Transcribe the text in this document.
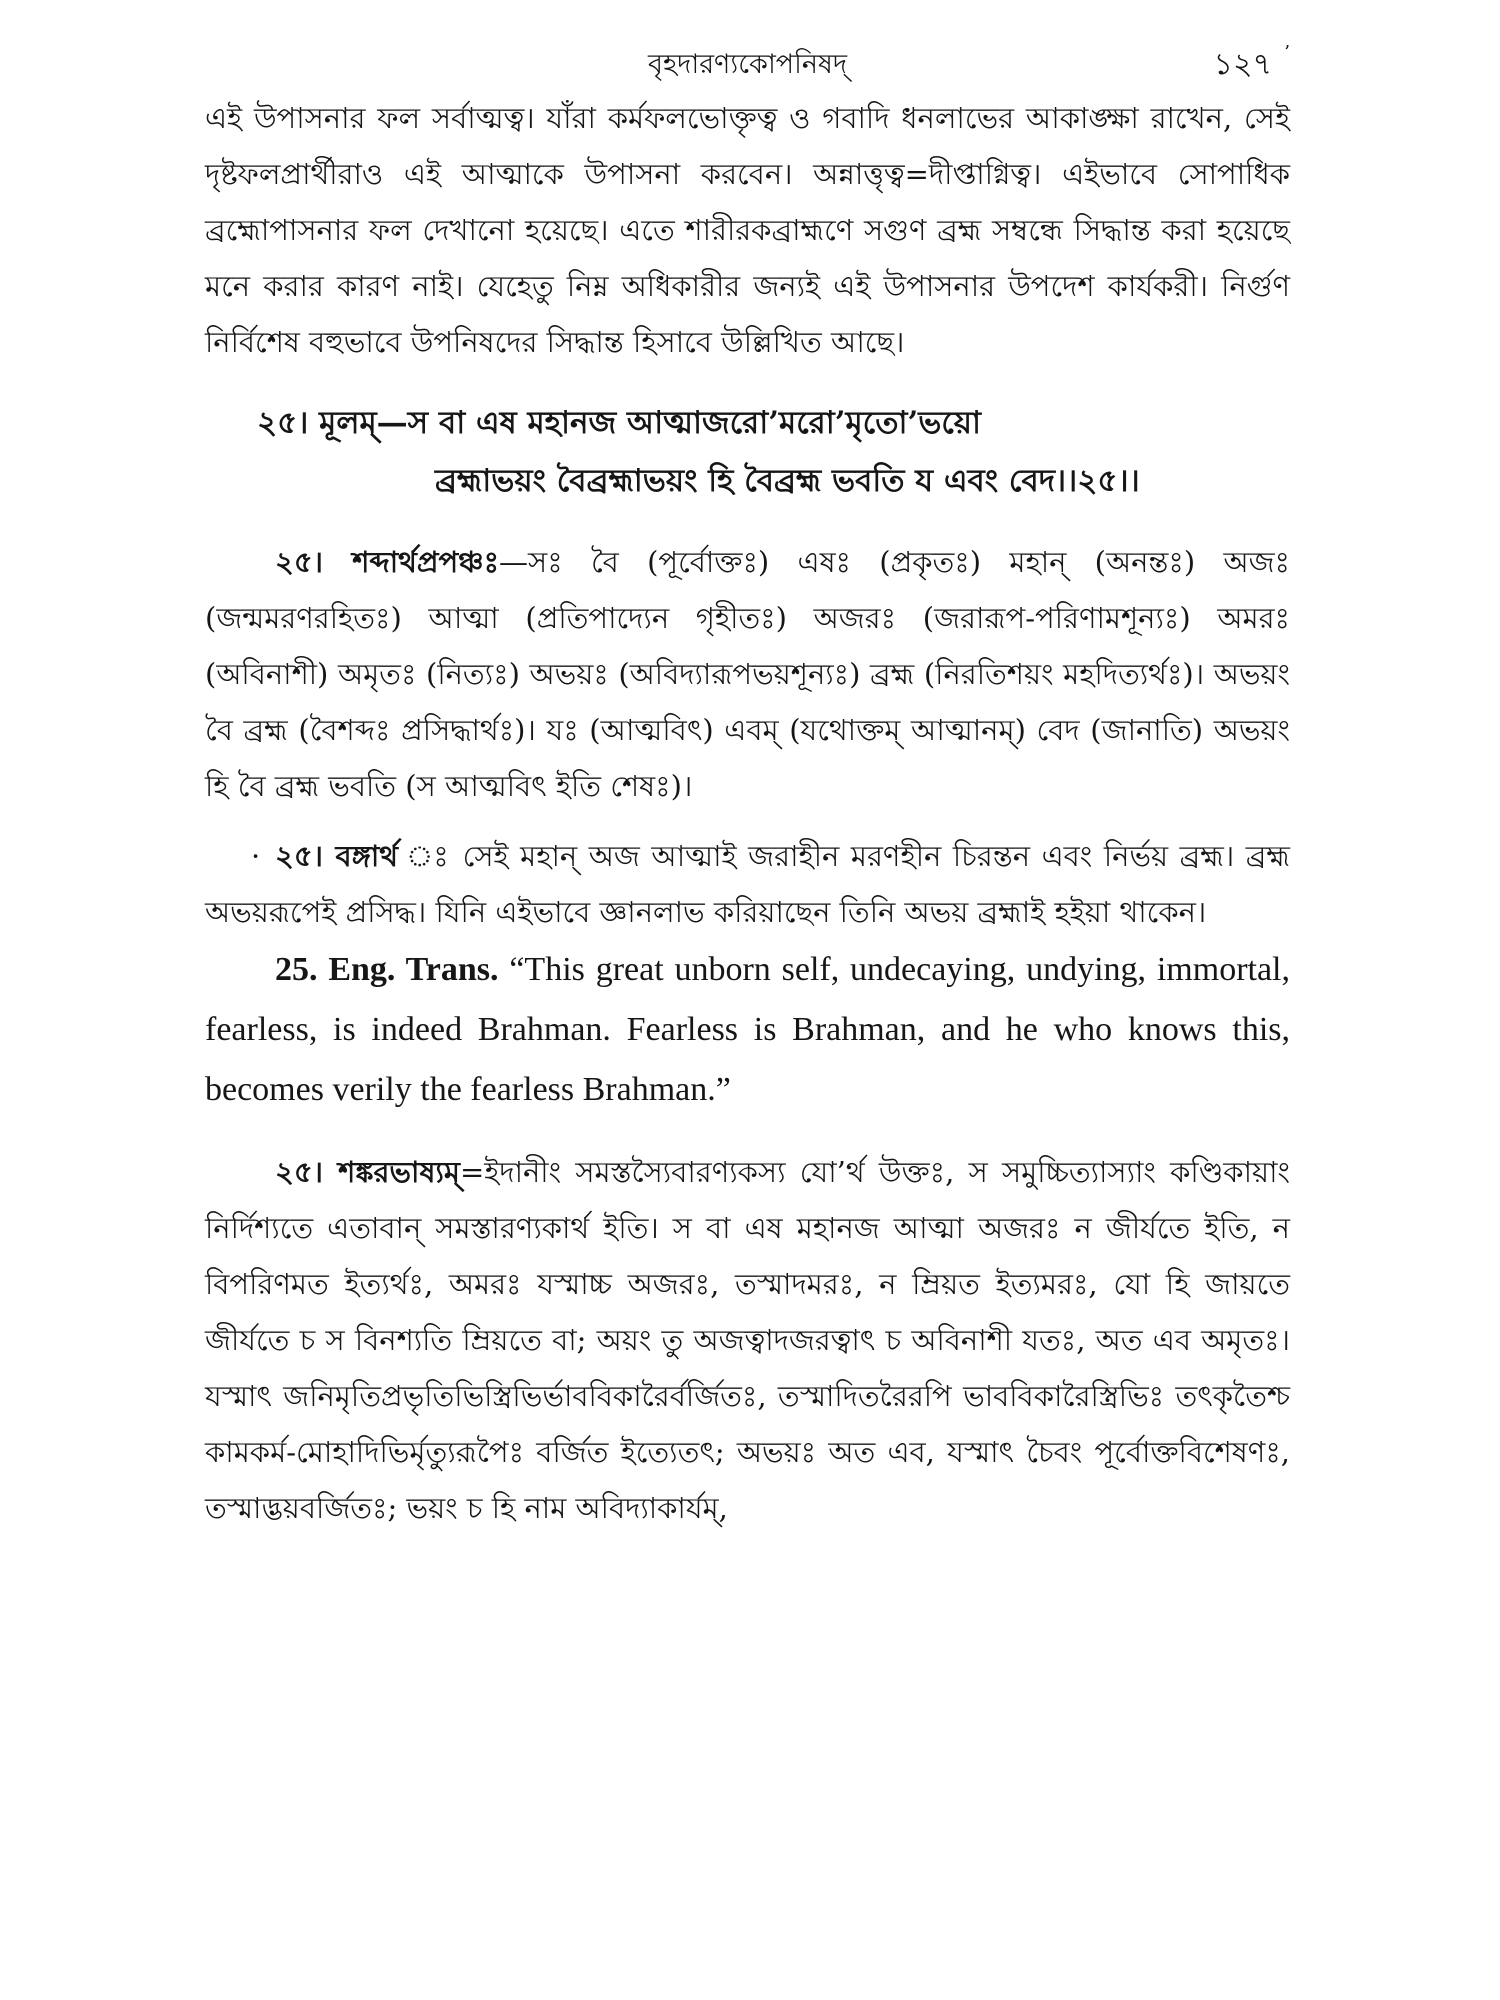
বৃহদারণ্যকোপনিষদ্	১২৭ ’

এই উপাসনার ফল সর্বাত্মত্ব। যাঁরা কর্মফলভোক্তৃত্ব ও গবাদি ধনলাভের আকাঙ্ক্ষা রাখেন, সেই দৃষ্টফলপ্রার্থীরাও এই আত্মাকে উপাসনা করবেন। অন্নাত্তৃত্ব=দীপ্তাগ্নিত্ব। এইভাবে সোপাধিক ব্রহ্মোপাসনার ফল দেখানো হয়েছে। এতে শারীরকব্রাহ্মণে সগুণ ব্রহ্ম সম্বন্ধে সিদ্ধান্ত করা হয়েছে মনে করার কারণ নাই। যেহেতু নিম্ন অধিকারীর জন্যই এই উপাসনার উপদেশ কার্যকরী। নির্গুণ নির্বিশেষ বহুভাবে উপনিষদের সিদ্ধান্ত হিসাবে উল্লিখিত আছে।

২৫। মূলম্—স বা এষ মহানজ আত্মাজরো’মরো’মৃতো’ভয়ো
ব্রহ্মাভয়ং বৈব্রহ্মাভয়ং হি বৈব্রহ্ম ভবতি য এবং বেদ।।২৫।।

২৫। শব্দার্থপ্রপঞ্চঃ—সঃ বৈ (পূর্বোক্তঃ) এষঃ (প্রকৃতঃ) মহান্ (অনন্তঃ) অজঃ (জন্মমরণরহিতঃ) আত্মা (প্রতিপাদ্যেন গৃহীতঃ) অজরঃ (জরারূপ-পরিণামশূন্যঃ) অমরঃ (অবিনাশী) অমৃতঃ (নিত্যঃ) অভয়ঃ (অবিদ্যারূপভয়শূন্যঃ) ব্রহ্ম (নিরতিশয়ং মহদিত্যর্থঃ)। অভয়ং বৈ ব্রহ্ম (বৈশব্দঃ প্রসিদ্ধার্থঃ)। যঃ (আত্মবিৎ) এবম্ (যথোক্তম্ আত্মানম্) বেদ (জানাতি) অভয়ং হি বৈ ব্রহ্ম ভবতি (স আত্মবিৎ ইতি শেষঃ)।

· ২৫। বঙ্গার্থ ঃ সেই মহান্ অজ আত্মাই জরাহীন মরণহীন চিরন্তন এবং নির্ভয় ব্রহ্ম। ব্রহ্ম অভয়রূপেই প্রসিদ্ধ। যিনি এইভাবে জ্ঞানলাভ করিয়াছেন তিনি অভয় ব্রহ্মাই হইয়া থাকেন।

25. Eng. Trans. “This great unborn self, undecaying, undying, immortal, fearless, is indeed Brahman. Fearless is Brahman, and he who knows this, becomes verily the fearless Brahman.”

২৫। শঙ্করভাষ্যম্=ইদানীং সমস্তস্যৈবারণ্যকস্য যো’র্থ উক্তঃ, স সমুচ্চিত্যাস্যাং কণ্ডিকায়াং নির্দিশ্যতে এতাবান্ সমস্তারণ্যকার্থ ইতি। স বা এষ মহানজ আত্মা অজরঃ ন জীর্যতে ইতি, ন বিপরিণমত ইত্যর্থঃ, অমরঃ যস্মাচ্চ অজরঃ, তস্মাদমরঃ, ন ম্রিয়ত ইত্যমরঃ, যো হি জায়তে জীর্যতে চ স বিনশ্যতি ম্রিয়তে বা; অয়ং তু অজত্বাদজরত্বাৎ চ অবিনাশী যতঃ, অত এব অমৃতঃ। যস্মাৎ জনিমৃতিপ্রভৃতিভিস্ত্রিভির্ভাববিকারৈর্বর্জিতঃ, তস্মাদিতরৈরপি ভাববিকারৈস্ত্রিভিঃ তৎকৃতৈশ্চ কামকর্ম-মোহাদিভির্মৃত্যুরূপৈঃ বর্জিত ইত্যেতৎ; অভয়ঃ অত এব, যস্মাৎ চৈবং পূর্বোক্তবিশেষণঃ, তস্মাদ্ভয়বর্জিতঃ; ভয়ং চ হি নাম অবিদ্যাকার্যম্,
